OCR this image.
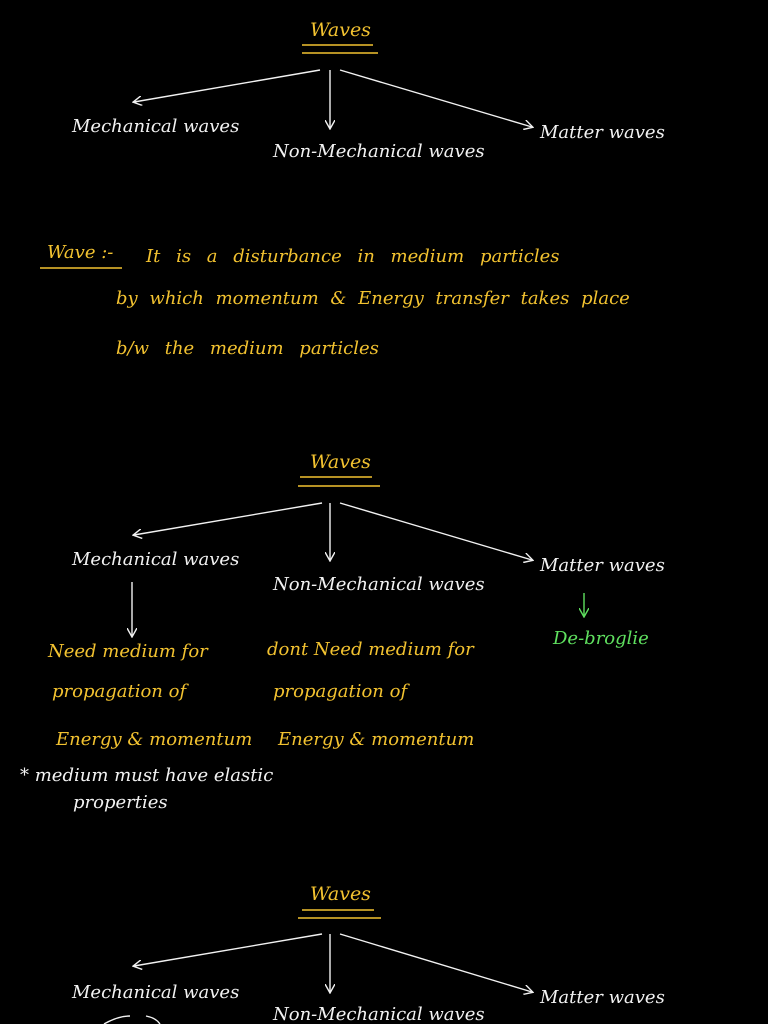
Waves
Mechanical waves
Non-Mechanical waves
Matter waves
Wave :- It is a disturbance in medium particles
by which momentum & Energy transfer takes place
b/w the medium particles
Waves
Mechanical waves
Non-Mechanical waves
Matter waves
Need medium for
propagation of
Energy & momentum
dont Need medium for
propagation of
Energy & momentum
De-broglie
* medium must have elastic
properties
Waves
Mechanical waves
Non-Mechanical waves
Matter waves
